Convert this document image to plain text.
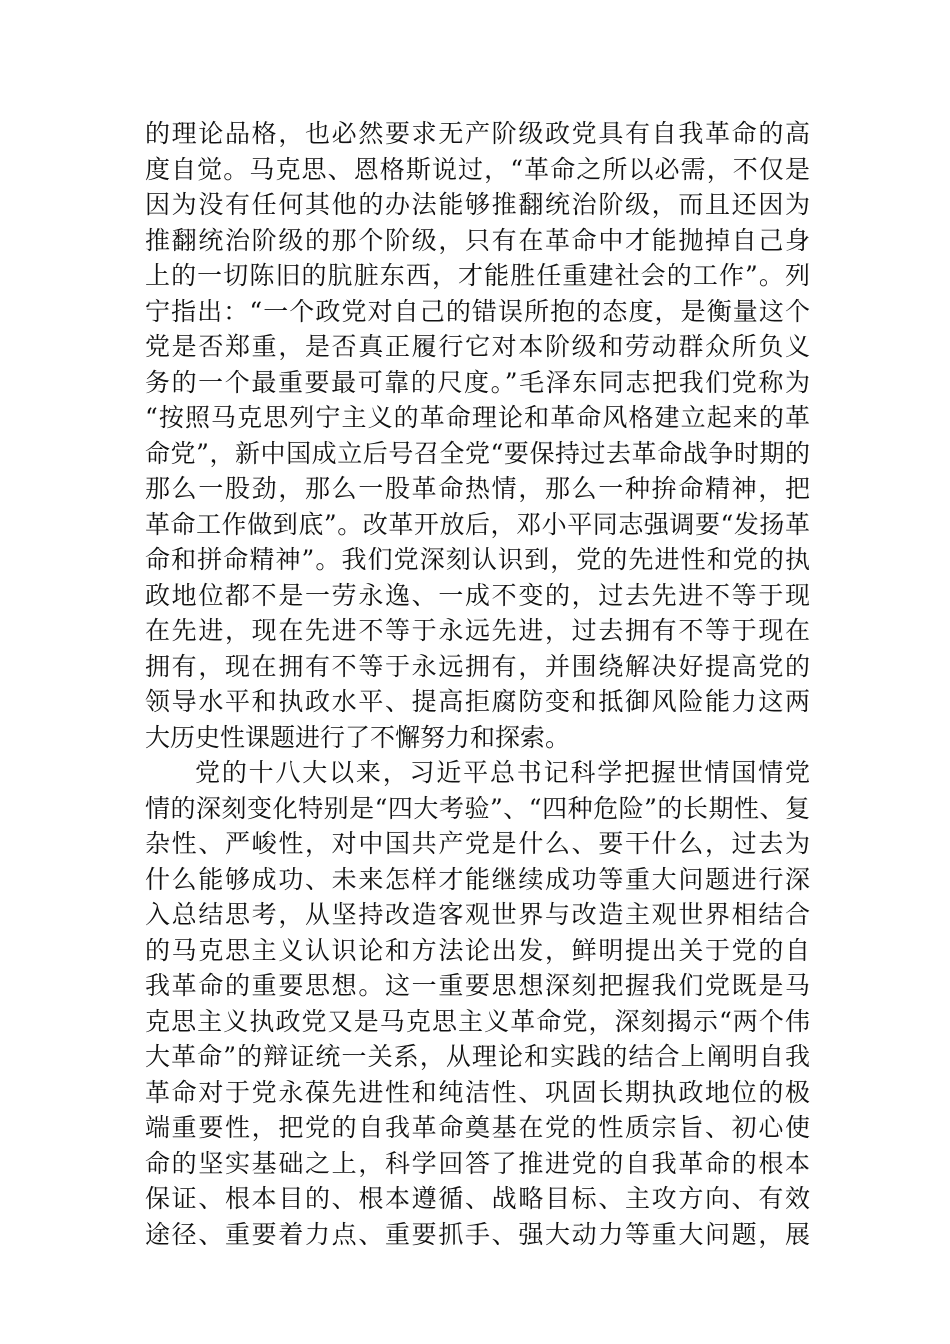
的理论品格，也必然要求无产阶级政党具有自我革命的高
度自觉。马克思、恩格斯说过，“革命之所以必需，不仅是
因为没有任何其他的办法能够推翻统治阶级，而且还因为
推翻统治阶级的那个阶级，只有在革命中才能抛掉自己身
上的一切陈旧的肮脏东西，才能胜任重建社会的工作”。列
宁指出：“一个政党对自己的错误所抱的态度，是衡量这个
党是否郑重，是否真正履行它对本阶级和劳动群众所负义
务的一个最重要最可靠的尺度。”毛泽东同志把我们党称为
“按照马克思列宁主义的革命理论和革命风格建立起来的革
命党”，新中国成立后号召全党“要保持过去革命战争时期的
那么一股劲，那么一股革命热情，那么一种拚命精神，把
革命工作做到底”。改革开放后，邓小平同志强调要“发扬革
命和拼命精神”。我们党深刻认识到，党的先进性和党的执
政地位都不是一劳永逸、一成不变的，过去先进不等于现
在先进，现在先进不等于永远先进，过去拥有不等于现在
拥有，现在拥有不等于永远拥有，并围绕解决好提高党的
领导水平和执政水平、提高拒腐防变和抵御风险能力这两
大历史性课题进行了不懈努力和探索。
党的十八大以来，习近平总书记科学把握世情国情党
情的深刻变化特别是“四大考验”、“四种危险”的长期性、复
杂性、严峻性，对中国共产党是什么、要干什么，过去为
什么能够成功、未来怎样才能继续成功等重大问题进行深
入总结思考，从坚持改造客观世界与改造主观世界相结合
的马克思主义认识论和方法论出发，鲜明提出关于党的自
我革命的重要思想。这一重要思想深刻把握我们党既是马
克思主义执政党又是马克思主义革命党，深刻揭示“两个伟
大革命”的辩证统一关系，从理论和实践的结合上阐明自我
革命对于党永葆先进性和纯洁性、巩固长期执政地位的极
端重要性，把党的自我革命奠基在党的性质宗旨、初心使
命的坚实基础之上，科学回答了推进党的自我革命的根本
保证、根本目的、根本遵循、战略目标、主攻方向、有效
途径、重要着力点、重要抓手、强大动力等重大问题，展
